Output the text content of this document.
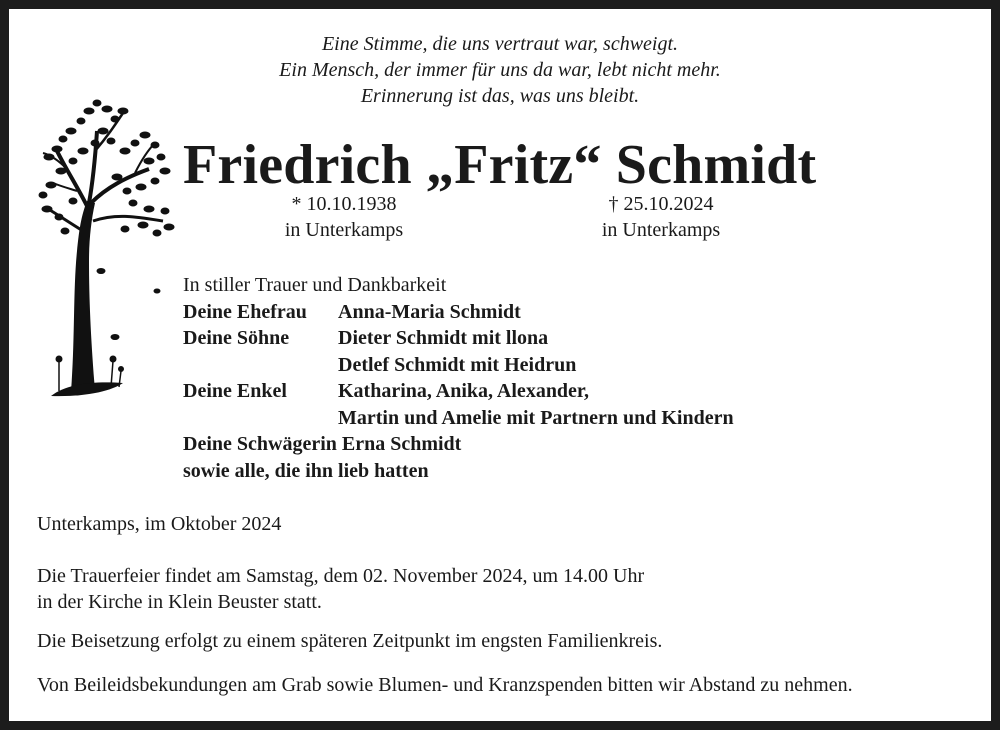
Eine Stimme, die uns vertraut war, schweigt.
Ein Mensch, der immer für uns da war, lebt nicht mehr.
Erinnerung ist das, was uns bleibt.
Friedrich „Fritz“ Schmidt
* 10.10.1938
in Unterkamps
† 25.10.2024
in Unterkamps
In stiller Trauer und Dankbarkeit
Deine Ehefrau	Anna-Maria Schmidt
Deine Söhne	Dieter Schmidt mit llona
Detlef Schmidt mit Heidrun
Deine Enkel	Katharina, Anika, Alexander,
Martin und Amelie mit Partnern und Kindern
Deine Schwägerin Erna Schmidt
sowie alle, die ihn lieb hatten
Unterkamps, im Oktober 2024
Die Trauerfeier findet am Samstag, dem 02. November 2024, um 14.00 Uhr
in der Kirche in Klein Beuster statt.
Die Beisetzung erfolgt zu einem späteren Zeitpunkt im engsten Familienkreis.
Von Beileidsbekundungen am Grab sowie Blumen- und Kranzspenden bitten wir Abstand zu nehmen.
